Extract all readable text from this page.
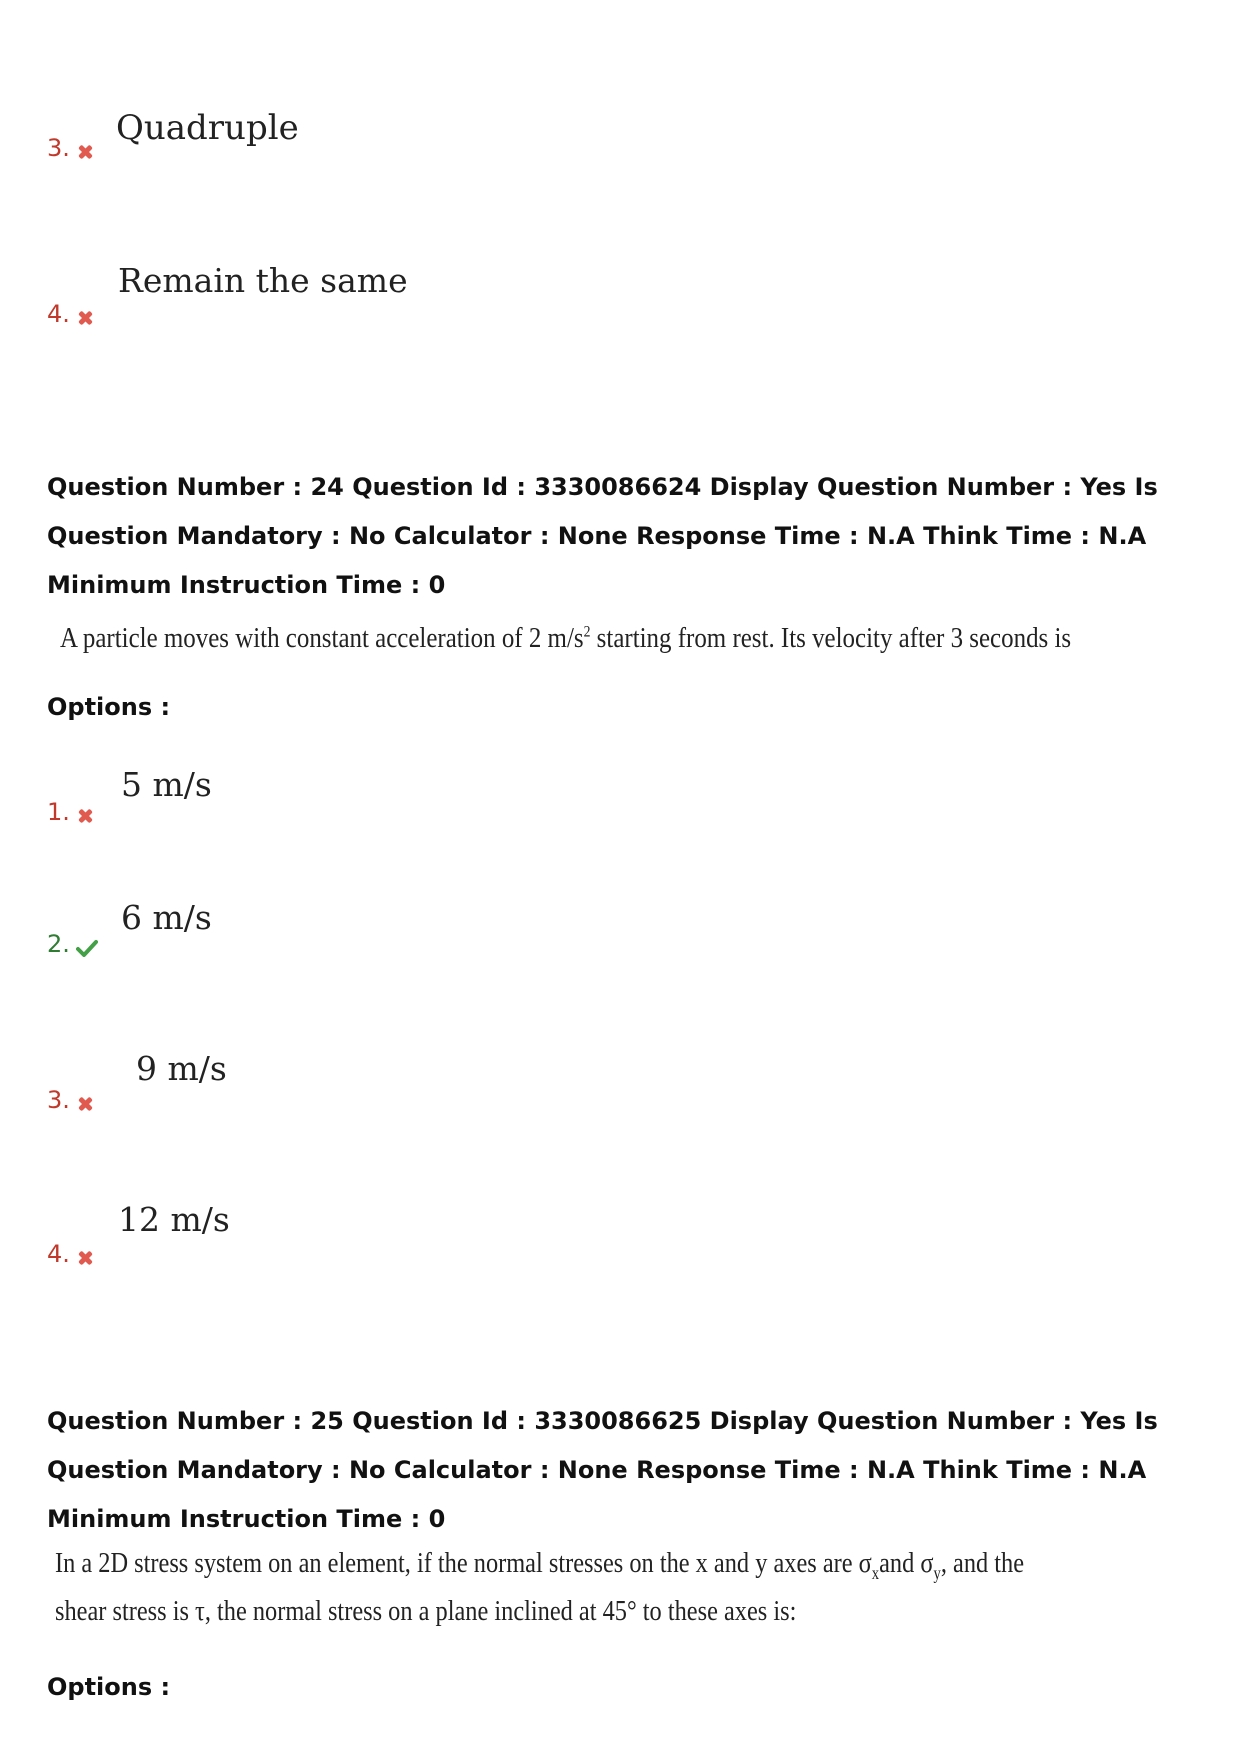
3.	Quadruple
4.
Remain the same
Question Number : 24 Question Id : 3330086624 Display Question Number : Yes Is Question Mandatory : No Calculator : None Response Time : N.A Think Time : N.A Minimum Instruction Time : 0
A particle moves with constant acceleration of 2 $m/s^2$ starting from rest. Its velocity after 3 seconds is
Options :
1.
5 m/s
2.
6 m/s
3.
9 m/s
4.
12 m/s
Question Number : 25 Question Id : 3330086625 Display Question Number : Yes Is Question Mandatory : No Calculator : None Response Time : N.A Think Time : N.A Minimum Instruction Time : 0
In a 2D stress system on an element, if the normal stresses on the x and y axes are $\sigma_xand$ $\sigma_y$, and the
shear stress is τ, the normal stress on a plane inclined at 45° to these axes is:
Options :
